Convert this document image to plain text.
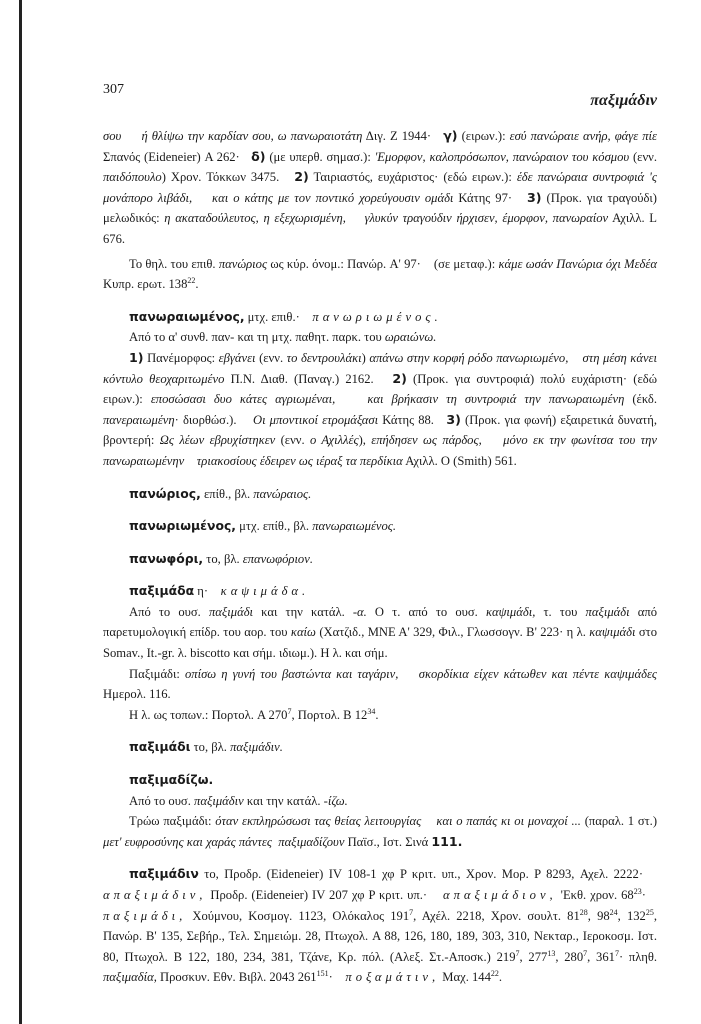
307
παξιμάδιν

σου ή θλίψω την καρδίαν σου, ω πανωραιοτάτη Διγ. Z 1944· γ) (ειρων.): εσύ πανώραιε ανήρ, φάγε πίε Σπανός (Eideneier) A 262· δ) (με υπερθ. σημασ.): 'Εμορφον, καλοπρόσωπον, πανώραιον του κόσμου (ενν. παιδόπουλο) Χρον. Τόκκων 3475. 2) Ταιριαστός, ευχάριστος· (εδώ ειρων.): έδε πανώραια συντροφιά 'ς μονάπορο λιβάδι, και ο κάτης με τον ποντικό χορεύγουσιν ομάδι Κάτης 97· 3) (Προκ. για τραγούδι) μελωδικός: η ακαταδούλευτος, η εξεχωρισμένη, γλυκύν τραγούδιν ήρχισεν, έμορφον, πανωραίον Αχιλλ. L 676.

Το θηλ. του επιθ. πανώριος ως κύρ. όνομ.: Πανώρ. A' 97· (σε μεταφ.): κάμε ωσάν Πανώρια όχι Μεδέα Κυπρ. ερωτ. $138^{22}$.

πανωραιωμένος, μτχ. επιθ.· πανωριωμένος.

Από το α' συνθ. παν- και τη μτχ. παθητ. παρκ. του ωραιώνω.

1) Πανέμορφος: εβγάνει (ενν. το δεντρουλάκι) απάνω στην κορφή ρόδο πανωριωμένο, στη μέση κάνει κόντυλο θεοχαριτωμένο Π.Ν. Διαθ. (Παναγ.) 2162. 2) (Προκ. για συντροφιά) πολύ ευχάριστη· (εδώ ειρων.): εποσώσασι δυο κάτες αγριωμέναι,	και βρήκασιν τη συντροφιά την πανωραιωμένη (έκδ. πανεραιωμένη· διορθώσ.). Οι μποντικοί ετρομάξασι Κάτης 88. 3) (Προκ. για φωνή) εξαιρετικά δυνατή, βροντερή: Ως λέων εβρυχίστηκεν (ενν. ο Αχιλλές), επήδησεν ως πάρδος, μόνο εκ την φωνίτσα του την πανωραιωμένην τριακοσίους έδειρεν ως ιέραξ τα περδίκια Αχιλλ. O (Smith) 561.

πανώριος, επίθ., βλ. πανώραιος.

πανωριωμένος, μτχ. επίθ., βλ. πανωραιωμένος.

πανωφόρι, το, βλ. επανωφόριον.

παξιμάδα η· καψιμάδα.

Από το ουσ. παξιμάδι και την κατάλ. -α. O τ. από το ουσ. καψιμάδι, τ. του παξιμάδι από παρετυμολογική επίδρ. του αορ. του καίω (Χατζιδ., MNE A' 329, Φιλ., Γλωσσογν. B' 223· η λ. καψιμάδι στο Somav., It.-gr. λ. biscotto και σήμ. ιδιωμ.). H λ. και σήμ.

Παξιμάδι: οπίσω η γυνή του βαστώντα και ταγάριν, σκορδίκια είχεν κάτωθεν και πέντε καψιμάδες Ημερολ. 116.

H λ. ως τοπων.: Πορτολ. A $270^7$, Πορτολ. B $12^{34}$.

παξιμάδι το, βλ. παξιμάδιν.

παξιμαδίζω.

Από το ουσ. παξιμάδιν και την κατάλ. -ίζω.

Τρώω παξιμάδι: όταν εκπληρώσωσι τας θείας λειτουργίας και ο παπάς κι οι μοναχοί ... (παραλ. 1 στ.) μετ' ευφροσύνης και χαράς πάντες παξιμαδίζουν Παϊσ., Ιστ. Σινά 111.

παξιμάδιν το, Προδρ. (Eideneier) IV 108-1 χφ P κριτ. υπ., Χρον. Μορ. P 8293, Αχελ. 2222·    απαξιμάδιν, Προδρ. (Eideneier) IV 207 χφ P κριτ. υπ.· απαξιμάδιον, 'Εκθ. χρον. $68^{23}\cdot$    παξιμάδι, Χούμνου, Κοσμογ. 1123, Ολόκαλος $191^7$, Αχέλ. 2218, Χρον. σουλτ. $81^{28}$, $98^{24}$, $132^{25}$, Πανώρ. B' 135, Σεβήρ., Τελ. Σημειώμ. 28, Πτωχολ. A 88, 126, 180, 189, 303, 310, Νεκταρ., Ιεροκοσμ. Ιστ. 80, Πτωχολ. B 122, 180, 234, 381, Τζάνε, Κρ. πόλ. (Αλεξ. Στ.-Αποσκ.) $219^7$, $277^{13}$, $280^7$, $361^7\cdot \pi\lambda\eta\theta$. παξιμαδία, Προσκυν. Εθν. Βιβλ. 2043 $261^{151}\cdot \pi o\xi\alpha\mu ά\tau\iota\nu$, Μαχ. $144^{22}$.
